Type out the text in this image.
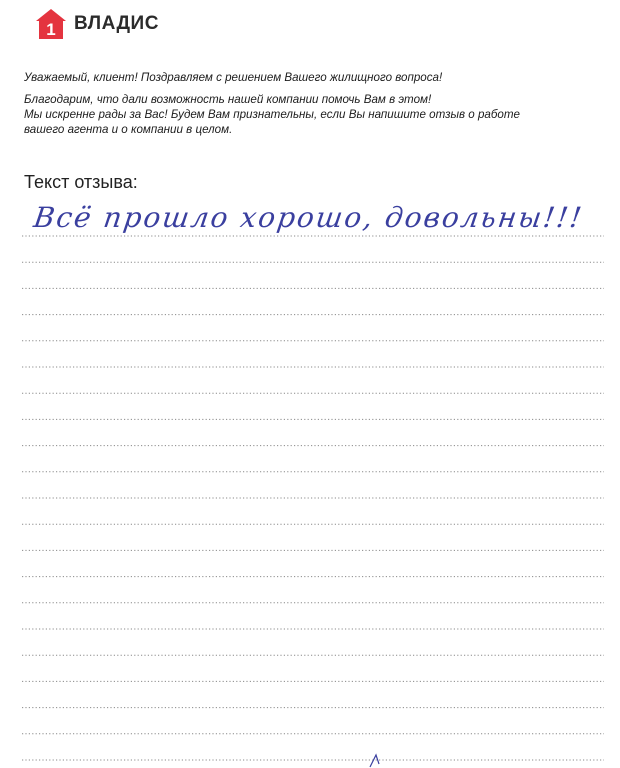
1 ВЛАДИС

Уважаемый, клиент! Поздравляем с решением Вашего жилищного вопроса!

Благодарим, что дали возможность нашей компании помочь Вам в этом!

Мы искренне рады за Вас! Будем Вам признательны, если Вы напишите отзыв о работе

вашего агента и о компании в целом.

Текст отзыва:
Всё прошло хорошо, довольны!!!
